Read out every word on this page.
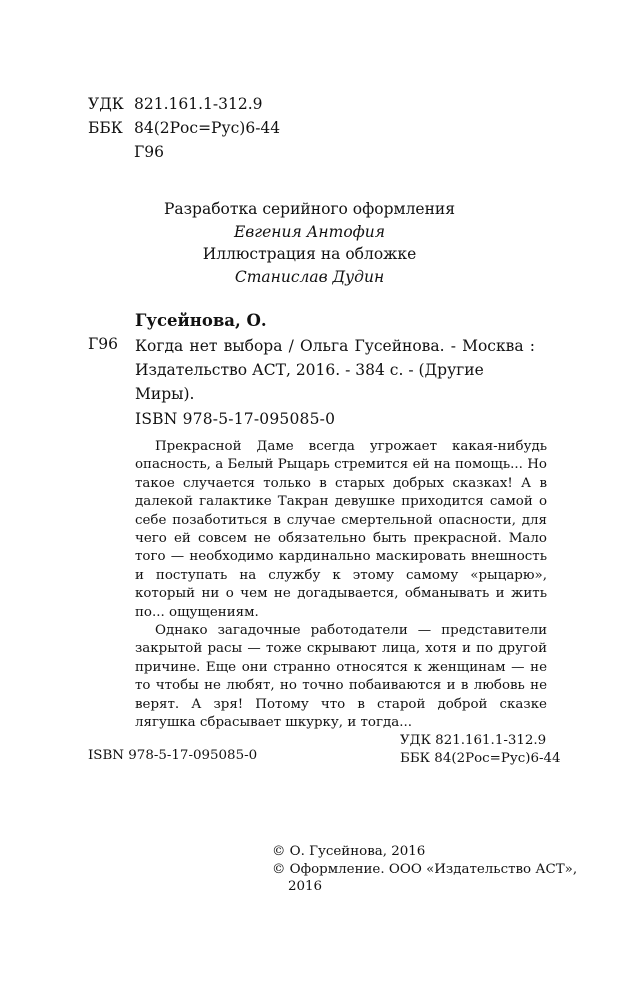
УДК 821.161.1-312.9
ББК 84(2Рос=Рус)6-44
Г96
Разработка серийного оформления
Евгения Антофия
Иллюстрация на обложке
Станислав Дудин
Гусейнова, О.
Г96 Когда нет выбора / Ольга Гусейнова. - Москва :
Издательство АСТ, 2016. - 384 с. - (Другие Миры).
ISBN 978-5-17-095085-0

Прекрасной Даме всегда угрожает какая-нибудь опасность, а Белый Рыцарь стремится ей на помощь... Но такое случается только в старых добрых сказках! А в далекой галактике Такран девушке приходится самой о себе позаботиться в случае смертельной опасности, для чего ей совсем не обязательно быть прекрасной. Мало того — необходимо кардинально маскировать внешность и поступать на службу к этому самому «рыцарю», который ни о чем не догадывается, обманывать и жить по... ощущениям.

Однако загадочные работодатели — представители закрытой расы — тоже скрывают лица, хотя и по другой причине. Еще они странно относятся к женщинам — не то чтобы не любят, но точно побаиваются и в любовь не верят. А зря! Потому что в старой доброй сказке лягушка сбрасывает шкурку, и тогда...

ISBN 978-5-17-095085-0
УДК 821.161.1-312.9
ББК 84(2Рос=Рус)6-44
© О. Гусейнова, 2016
© Оформление. ООО «Издательство АСТ»,
2016
